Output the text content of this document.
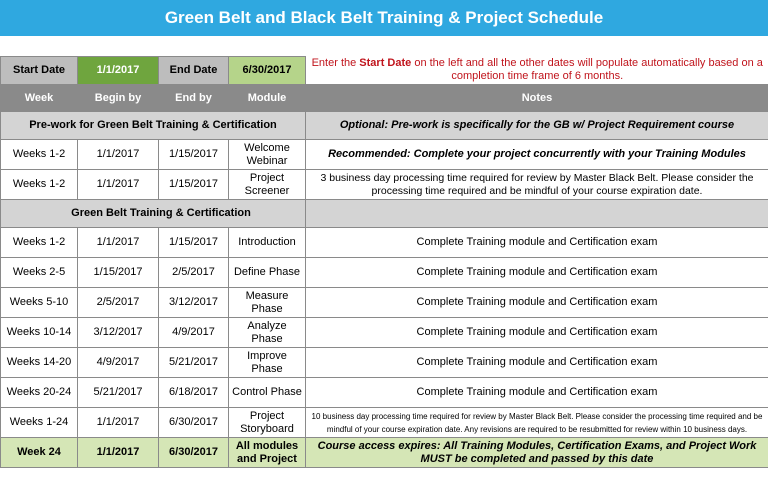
Green Belt and Black Belt Training & Project Schedule
Start Date	1/1/2017	End Date	6/30/2017	Enter the Start Date on the left and all the other dates will populate automatically based on a completion time frame of 6 months.
Week	Begin by	End by	Module	Notes
Pre-work for Green Belt Training & Certification				Optional: Pre-work is specifically for the GB w/ Project Requirement course
Weeks 1-2	1/1/2017	1/15/2017	Welcome Webinar	Recommended: Complete your project concurrently with your Training Modules
Weeks 1-2	1/1/2017	1/15/2017	Project Screener	3 business day processing time required for review by Master Black Belt. Please consider the processing time required and be mindful of your course expiration date.
Green Belt Training & Certification				
Weeks 1-2	1/1/2017	1/15/2017	Introduction	Complete Training module and Certification exam
Weeks 2-5	1/15/2017	2/5/2017	Define Phase	Complete Training module and Certification exam
Weeks 5-10	2/5/2017	3/12/2017	Measure Phase	Complete Training module and Certification exam
Weeks 10-14	3/12/2017	4/9/2017	Analyze Phase	Complete Training module and Certification exam
Weeks 14-20	4/9/2017	5/21/2017	Improve Phase	Complete Training module and Certification exam
Weeks 20-24	5/21/2017	6/18/2017	Control Phase	Complete Training module and Certification exam
Weeks 1-24	1/1/2017	6/30/2017	Project Storyboard	10 business day processing time required for review by Master Black Belt. Please consider the processing time required and be mindful of your course expiration date. Any revisions are required to be resubmitted for review within 10 business days.
Week 24	1/1/2017	6/30/2017	All modules and Project	Course access expires: All Training Modules, Certification Exams, and Project Work
MUST be completed and passed by this date
